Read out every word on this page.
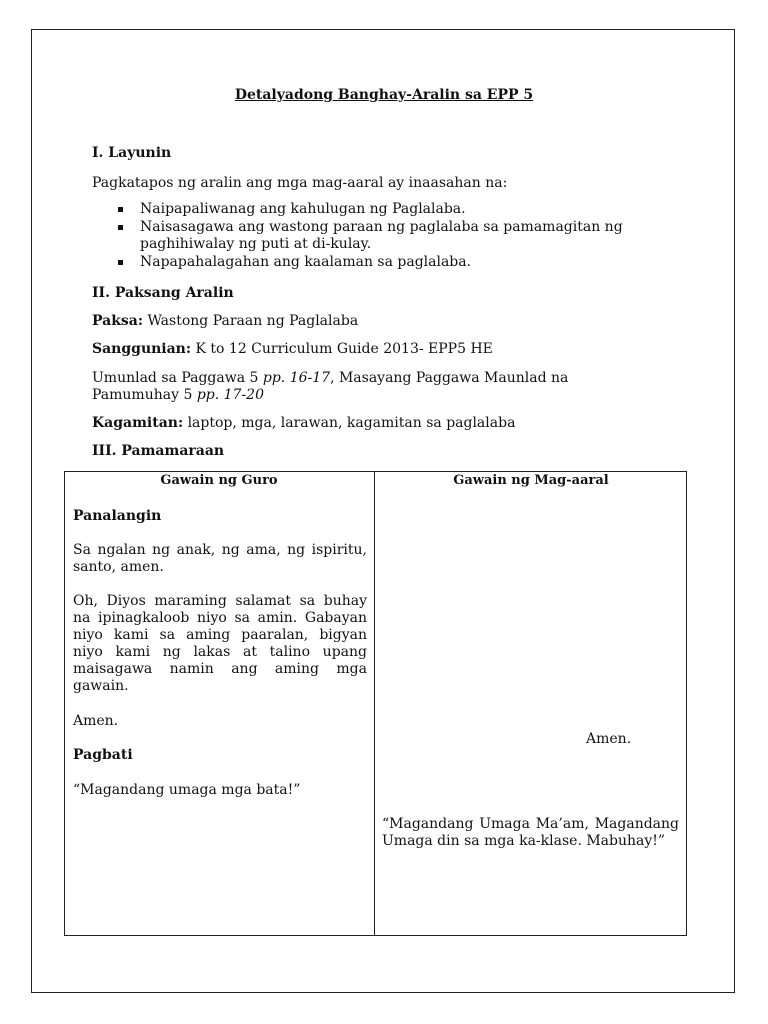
Detalyadong Banghay-Aralin sa EPP 5
I. Layunin
Pagkatapos ng aralin ang mga mag-aaral ay inaasahan na:
Naipapaliwanag ang kahulugan ng Paglalaba.
Naisasagawa ang wastong paraan ng paglalaba sa pamamagitan ng paghihiwalay ng puti at di-kulay.
Napapahalagahan ang kaalaman sa paglalaba.
II. Paksang Aralin
Paksa: Wastong Paraan ng Paglalaba
Sanggunian: K to 12 Curriculum Guide 2013- EPP5 HE
Umunlad sa Paggawa 5 pp. 16-17, Masayang Paggawa Maunlad na
Pamumuhay 5 pp. 17-20
Kagamitan: laptop, mga, larawan, kagamitan sa paglalaba
III. Pamamaraan
Gawain ng Guro	Gawain ng Mag-aaral
Panalangin
Sa ngalan ng anak, ng ama, ng ispiritu, santo, amen.
Oh, Diyos maraming salamat sa buhay na ipinagkaloob niyo sa amin. Gabayan niyo kami sa aming paaralan, bigyan niyo kami ng lakas at talino upang maisagawa namin ang aming mga gawain.
Amen.
Pagbati
“Magandang umaga mga bata!”
Amen.
“Magandang Umaga Ma’am, Magandang Umaga din sa mga ka-klase. Mabuhay!”
